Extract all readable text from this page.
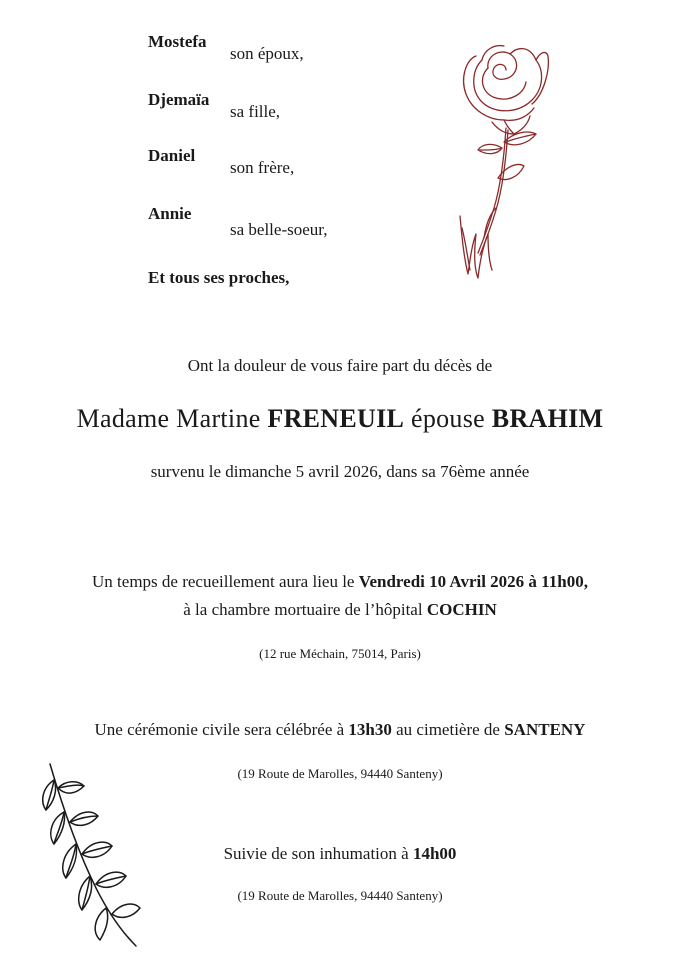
Mostefa
son époux,
Djemaïa
sa fille,
Daniel
son frère,
Annie
sa belle-soeur,
Et tous ses proches,
Ont la douleur de vous faire part du décès de
Madame Martine FRENEUIL épouse BRAHIM
survenu le dimanche 5 avril 2026, dans sa 76ème année
Un temps de recueillement aura lieu le Vendredi 10 Avril 2026 à 11h00,
à la chambre mortuaire de l’hôpital COCHIN
(12 rue Méchain, 75014, Paris)
Une cérémonie civile sera célébrée à 13h30 au cimetière de SANTENY
(19 Route de Marolles, 94440 Santeny)
Suivie de son inhumation à 14h00
(19 Route de Marolles, 94440 Santeny)
